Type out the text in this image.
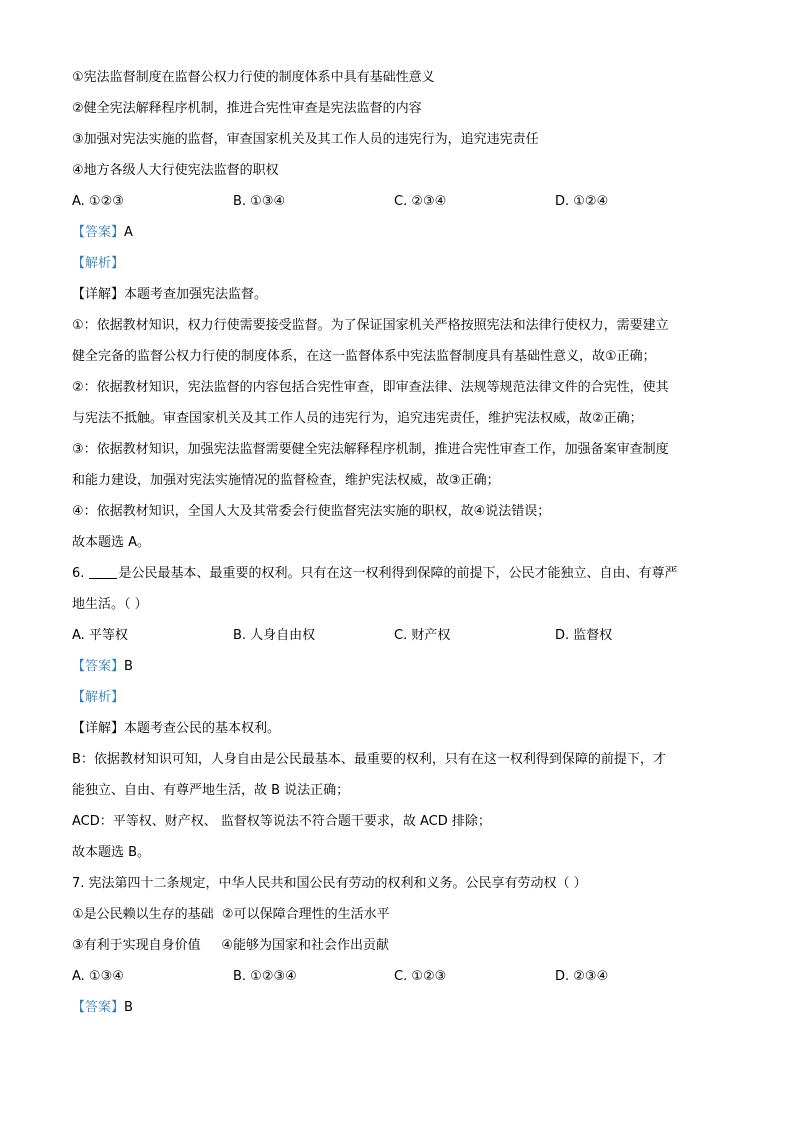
①宪法监督制度在监督公权力行使的制度体系中具有基础性意义
②健全宪法解释程序机制，推进合宪性审查是宪法监督的内容
③加强对宪法实施的监督，审查国家机关及其工作人员的违宪行为，追究违宪责任
④地方各级人大行使宪法监督的职权
A. ①②③	B. ①③④	C. ②③④	D. ①②④
【答案】A
【解析】
【详解】本题考查加强宪法监督。
①：依据教材知识，权力行使需要接受监督。为了保证国家机关严格按照宪法和法律行使权力，需要建立
健全完备的监督公权力行使的制度体系，在这一监督体系中宪法监督制度具有基础性意义，故①正确；
②：依据教材知识，宪法监督的内容包括合宪性审查，即审查法律、法规等规范法律文件的合宪性，使其
与宪法不抵触。审查国家机关及其工作人员的违宪行为，追究违宪责任，维护宪法权威，故②正确；
③：依据教材知识，加强宪法监督需要健全宪法解释程序机制，推进合宪性审查工作，加强备案审查制度
和能力建设，加强对宪法实施情况的监督检查，维护宪法权威，故③正确；
④：依据教材知识，全国人大及其常委会行使监督宪法实施的职权，故④说法错误；
故本题选 A。
6.	是公民最基本、最重要的权利。只有在这一权利得到保障的前提下，公民才能独立、自由、有尊严
地生活。（ ）
A. 平等权	B. 人身自由权	C. 财产权	D. 监督权
【答案】B
【解析】
【详解】本题考查公民的基本权利。
B：依据教材知识可知，人身自由是公民最基本、最重要的权利，只有在这一权利得到保障的前提下，才
能独立、自由、有尊严地生活，故 B 说法正确；
ACD：平等权、财产权、 监督权等说法不符合题干要求，故 ACD 排除；
故本题选 B。
7. 宪法第四十二条规定，中华人民共和国公民有劳动的权利和义务。公民享有劳动权（ ）
①是公民赖以生存的基础  ②可以保障合理性的生活水平
③有利于实现自身价值     ④能够为国家和社会作出贡献
A. ①③④	B. ①②③④	C. ①②③	D. ②③④
【答案】B
